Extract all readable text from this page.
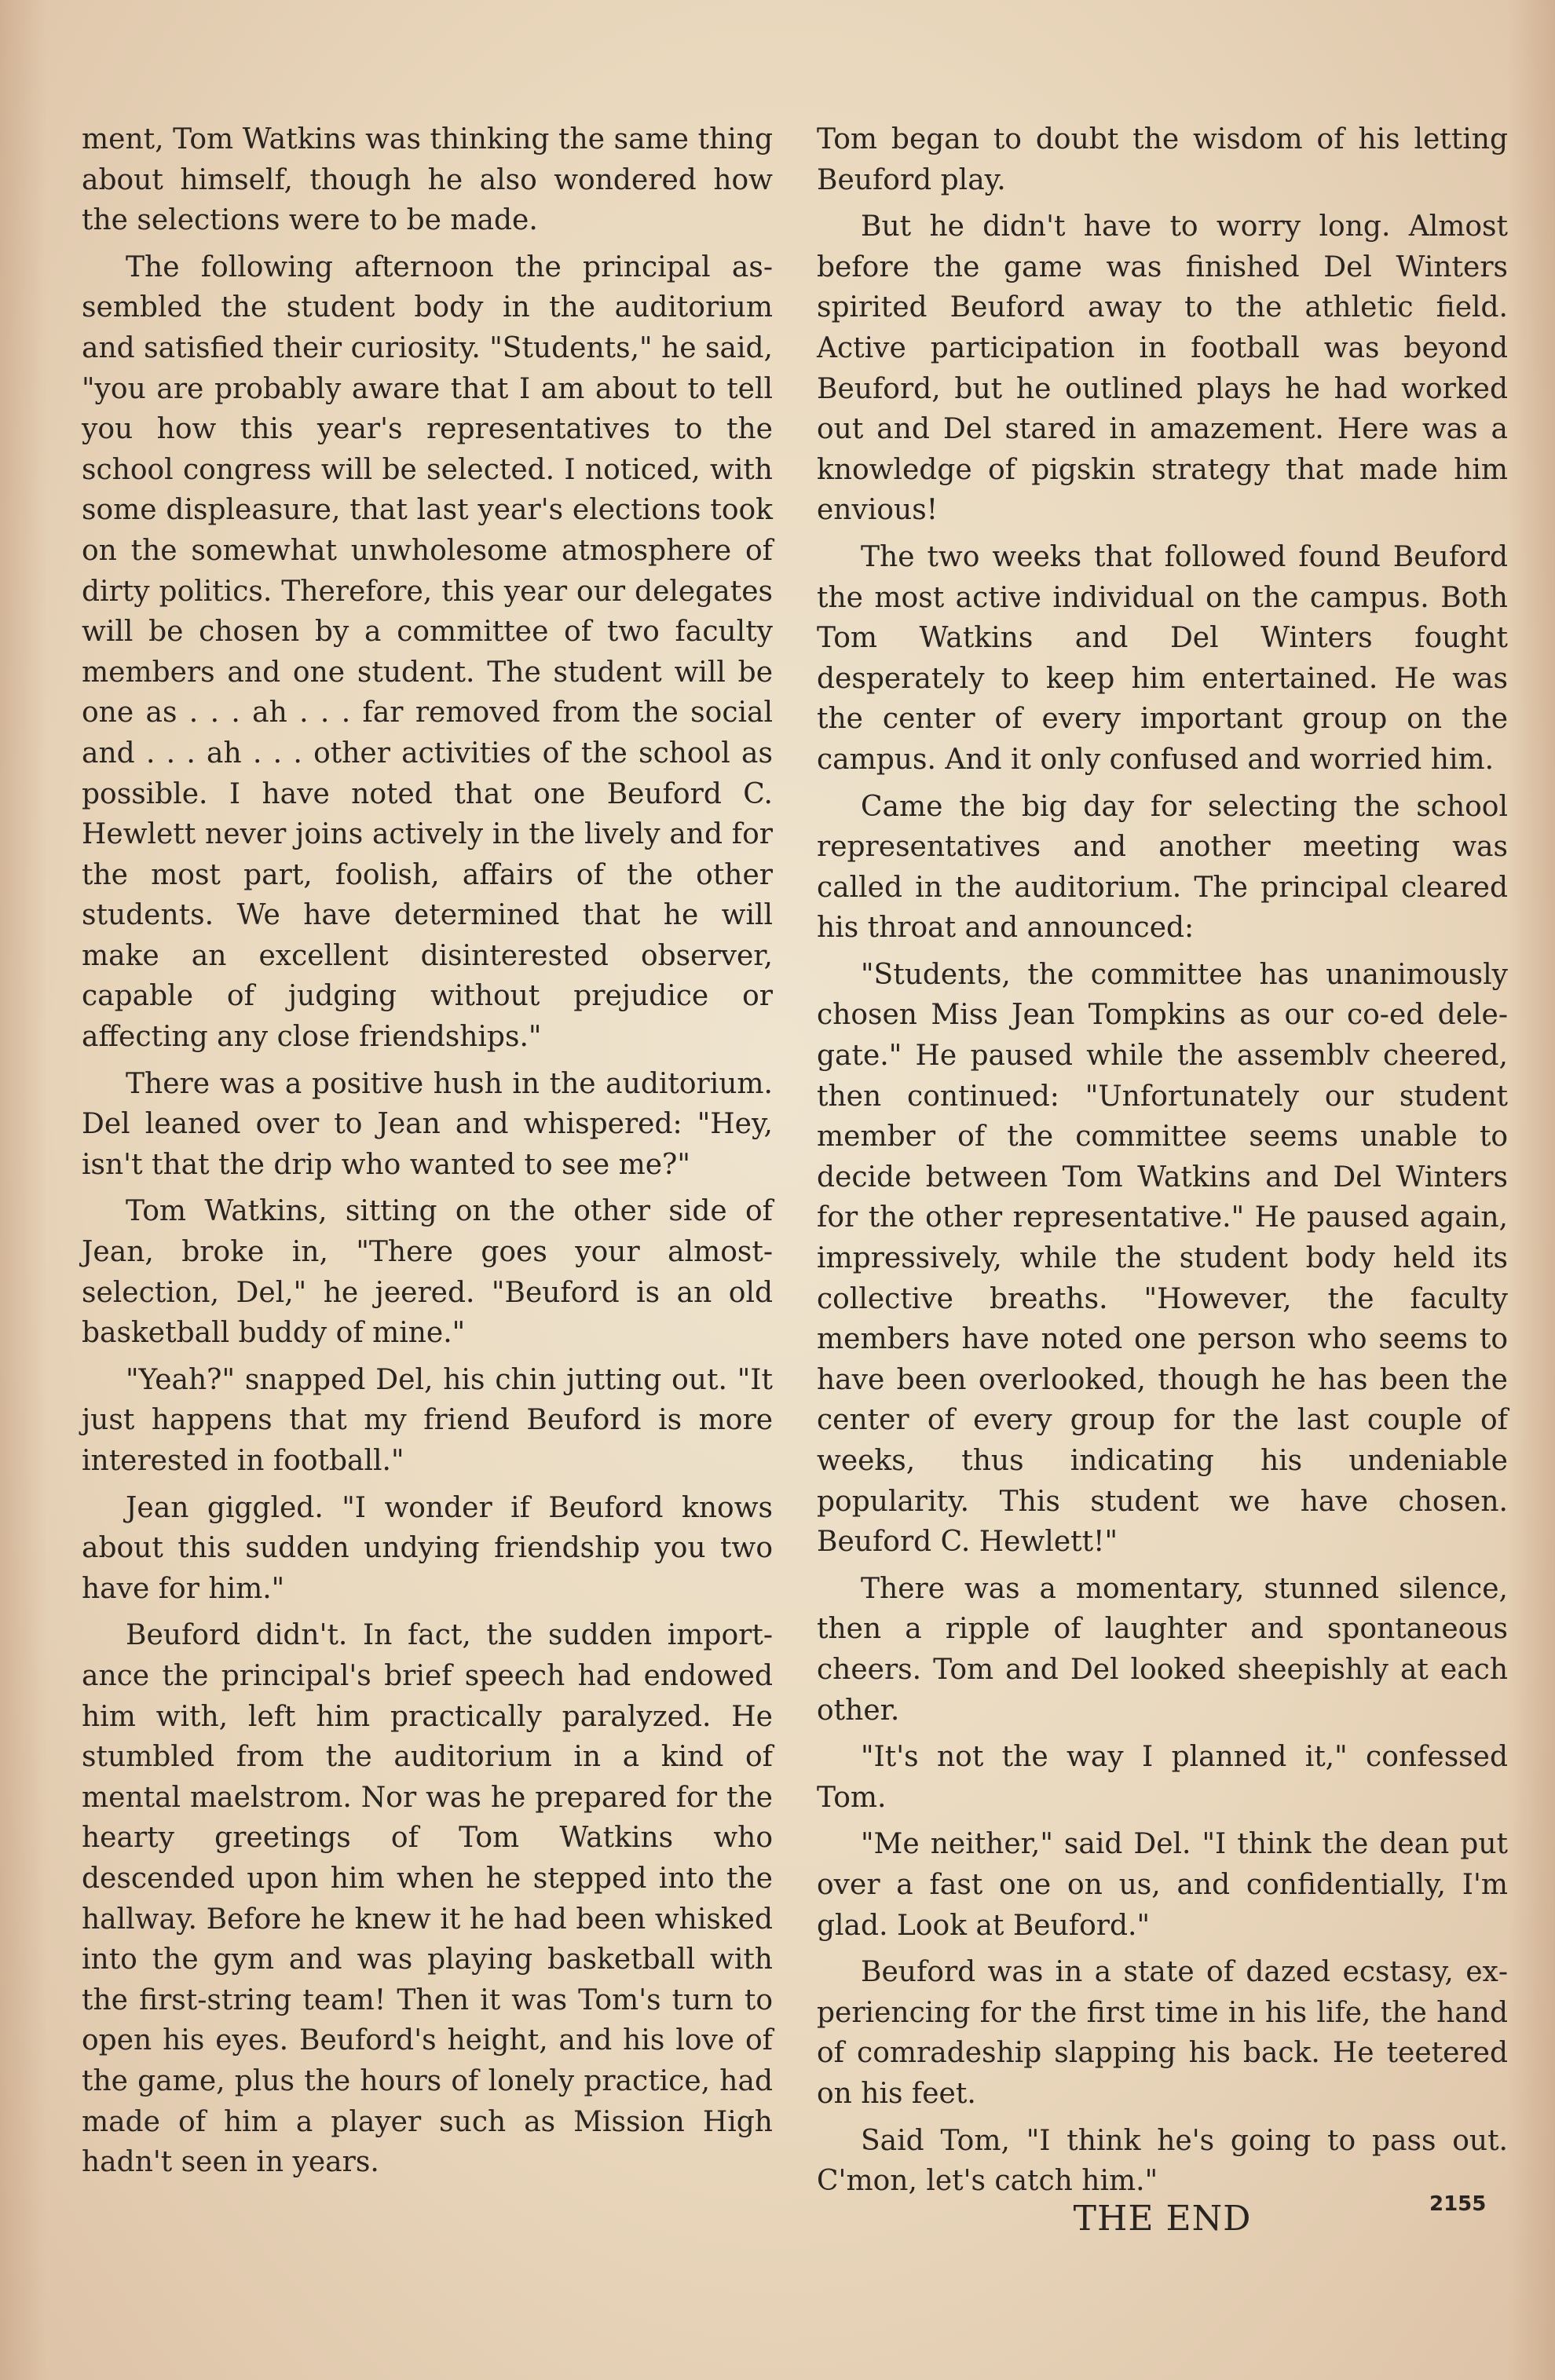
ment, Tom Watkins was thinking the same thing about himself, though he also wondered how the selections were to be made.

The following afternoon the principal assembled the student body in the auditorium and satisfied their curiosity. "Students," he said, "you are probably aware that I am about to tell you how this year's representatives to the school congress will be selected. I noticed, with some displeasure, that last year's elections took on the somewhat unwholesome atmosphere of dirty politics. Therefore, this year our delegates will be chosen by a committee of two faculty members and one student. The student will be one as . . . ah . . . far removed from the social and . . . ah . . . other activities of the school as possible. I have noted that one Beuford C. Hewlett never joins actively in the lively and for the most part, foolish, affairs of the other students. We have determined that he will make an excellent disinterested observer, capable of judging without prejudice or affecting any close friendships."

There was a positive hush in the auditorium. Del leaned over to Jean and whispered: "Hey, isn't that the drip who wanted to see me?"

Tom Watkins, sitting on the other side of Jean, broke in, "There goes your almost-selection, Del," he jeered. "Beuford is an old basketball buddy of mine."

"Yeah?" snapped Del, his chin jutting out. "It just happens that my friend Beuford is more interested in football."

Jean giggled. "I wonder if Beuford knows about this sudden undying friendship you two have for him."

Beuford didn't. In fact, the sudden importance the principal's brief speech had endowed him with, left him practically paralyzed. He stumbled from the auditorium in a kind of mental maelstrom. Nor was he prepared for the hearty greetings of Tom Watkins who descended upon him when he stepped into the hallway. Before he knew it he had been whisked into the gym and was playing basketball with the first-string team! Then it was Tom's turn to open his eyes. Beuford's height, and his love of the game, plus the hours of lonely practice, had made of him a player such as Mission High hadn't seen in years.

Tom began to doubt the wisdom of his letting Beuford play.

But he didn't have to worry long. Almost before the game was finished Del Winters spirited Beuford away to the athletic field. Active participation in football was beyond Beuford, but he outlined plays he had worked out and Del stared in amazement. Here was a knowledge of pigskin strategy that made him envious!

The two weeks that followed found Beuford the most active individual on the campus. Both Tom Watkins and Del Winters fought desperately to keep him entertained. He was the center of every important group on the campus. And it only confused and worried him.

Came the big day for selecting the school representatives and another meeting was called in the auditorium. The principal cleared his throat and announced:

"Students, the committee has unanimously chosen Miss Jean Tompkins as our co-ed delegate." He paused while the assemblv cheered, then continued: "Unfortunately our student member of the committee seems unable to decide between Tom Watkins and Del Winters for the other representative." He paused again, impressively, while the student body held its collective breaths. "However, the faculty members have noted one person who seems to have been overlooked, though he has been the center of every group for the last couple of weeks, thus indicating his undeniable popularity. This student we have chosen. Beuford C. Hewlett!"

There was a momentary, stunned silence, then a ripple of laughter and spontaneous cheers. Tom and Del looked sheepishly at each other.

"It's not the way I planned it," confessed Tom.

"Me neither," said Del. "I think the dean put over a fast one on us, and confidentially, I'm glad. Look at Beuford."

Beuford was in a state of dazed ecstasy, experiencing for the first time in his life, the hand of comradeship slapping his back. He teetered on his feet.

Said Tom, "I think he's going to pass out. C'mon, let's catch him."

2155
THE END
